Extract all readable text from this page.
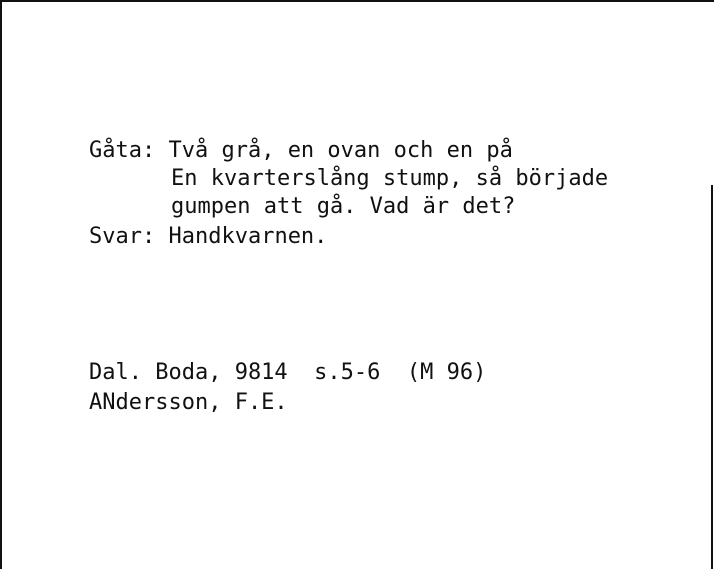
Gåta: Två grå, en ovan och en på
En kvarterslång stump, så började
gumpen att gå. Vad är det?
Svar: Handkvarnen.
Dal. Boda, 9814  s.5-6  (M 96)
ANdersson, F.E.
